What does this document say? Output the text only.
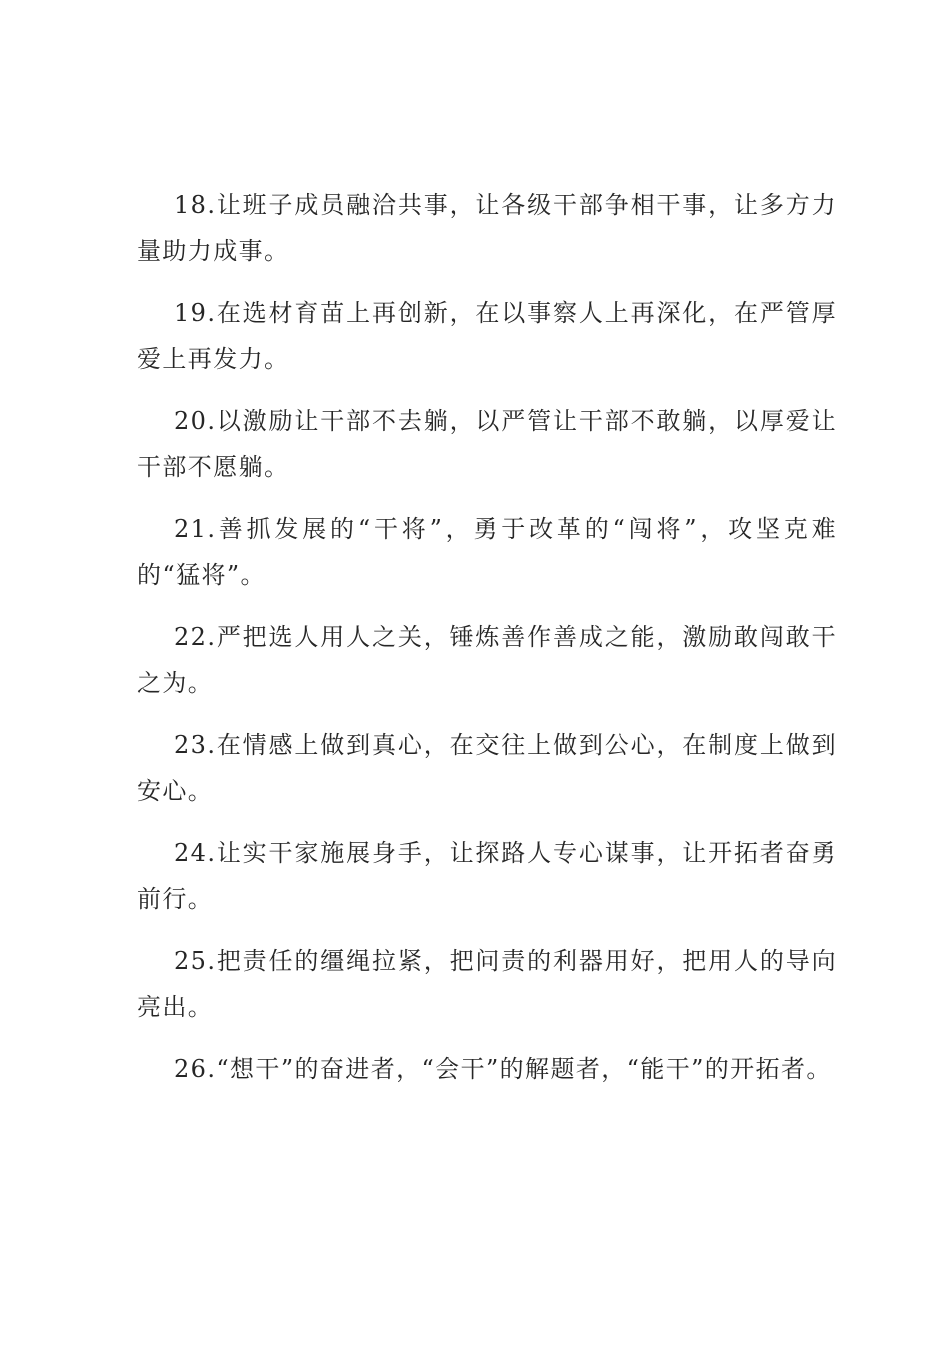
18.让班子成员融洽共事，让各级干部争相干事，让多方力量助力成事。

19.在选材育苗上再创新，在以事察人上再深化，在严管厚爱上再发力。

20.以激励让干部不去躺，以严管让干部不敢躺，以厚爱让干部不愿躺。

21.善抓发展的“干将”，勇于改革的“闯将”，攻坚克难的“猛将”。

22.严把选人用人之关，锤炼善作善成之能，激励敢闯敢干之为。

23.在情感上做到真心，在交往上做到公心，在制度上做到安心。

24.让实干家施展身手，让探路人专心谋事，让开拓者奋勇前行。

25.把责任的缰绳拉紧，把问责的利器用好，把用人的导向亮出。

26.“想干”的奋进者，“会干”的解题者，“能干”的开拓者。
